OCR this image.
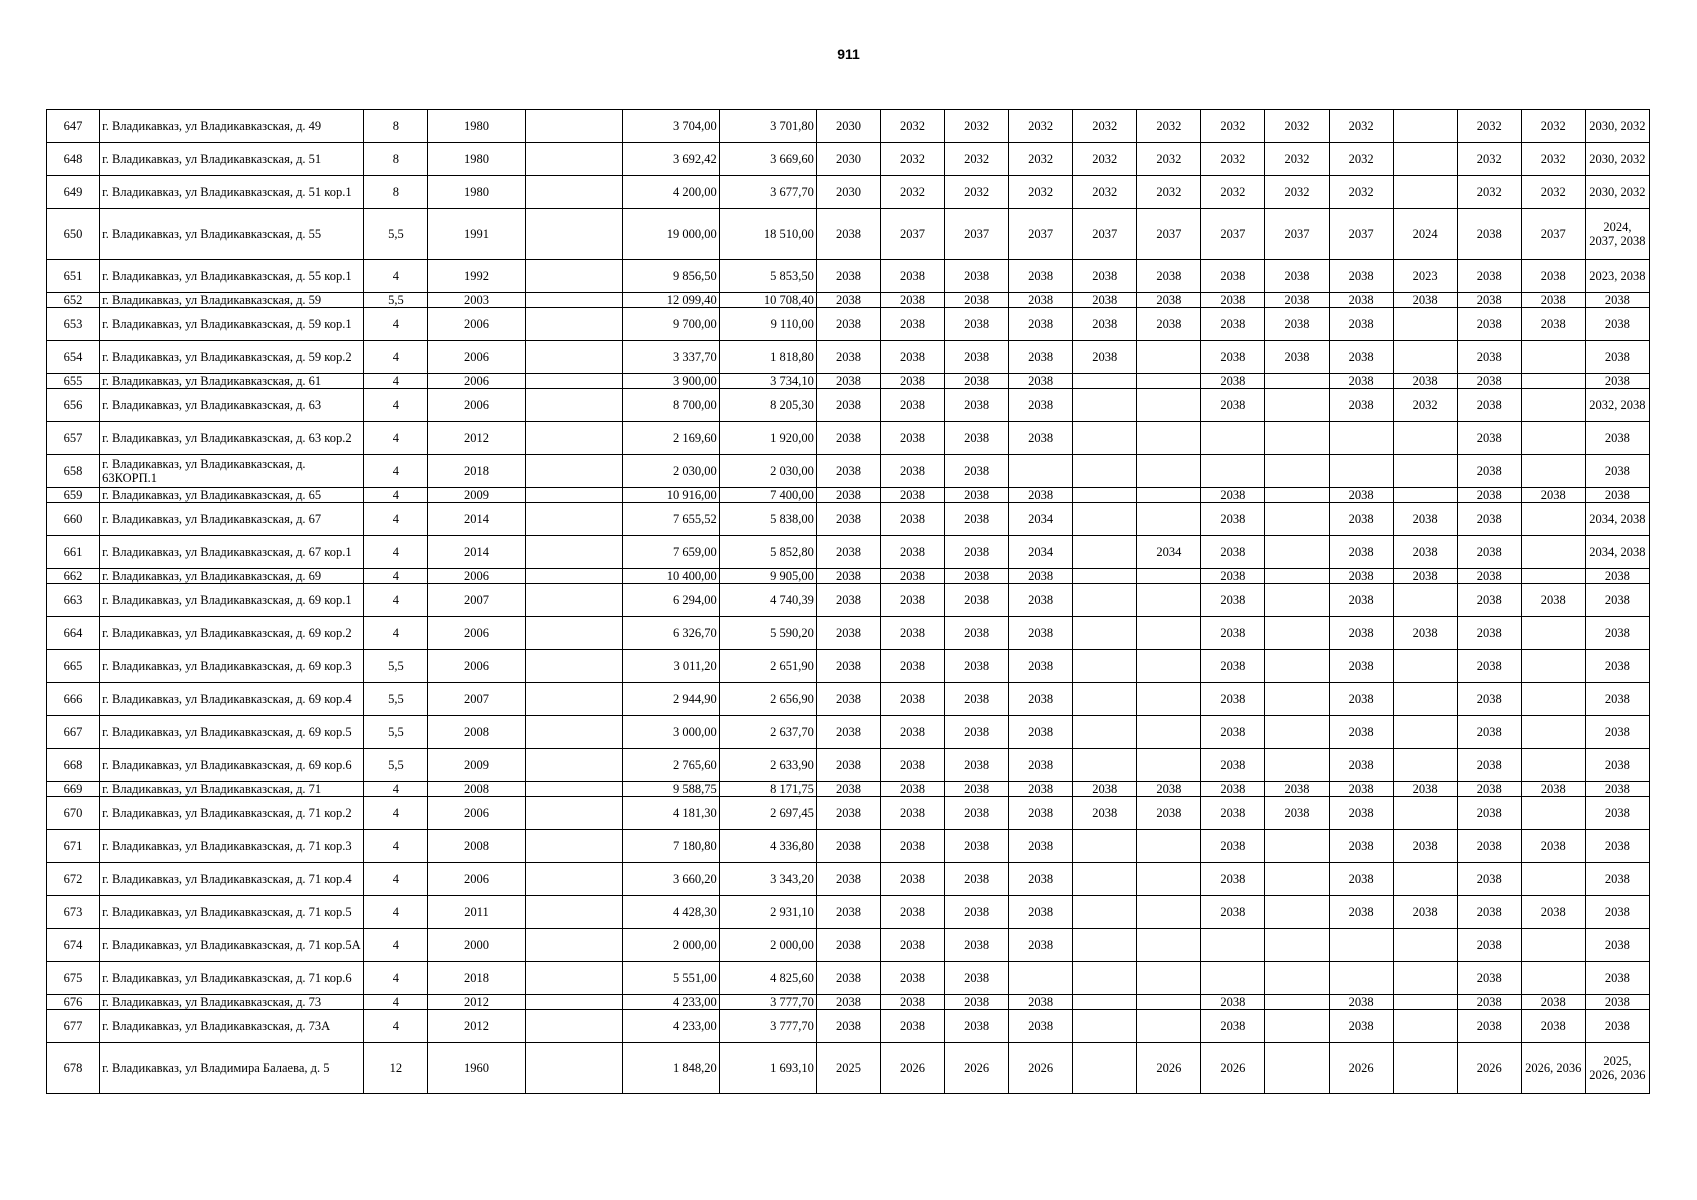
911
647	г. Владикавказ, ул Владикавказская, д. 49	8	1980		3 704,00	3 701,80	2030	2032	2032	2032	2032	2032	2032	2032	2032		2032	2032	2030, 2032
648	г. Владикавказ, ул Владикавказская, д. 51	8	1980		3 692,42	3 669,60	2030	2032	2032	2032	2032	2032	2032	2032	2032		2032	2032	2030, 2032
649	г. Владикавказ, ул Владикавказская, д. 51 кор.1	8	1980		4 200,00	3 677,70	2030	2032	2032	2032	2032	2032	2032	2032	2032		2032	2032	2030, 2032
650	г. Владикавказ, ул Владикавказская, д. 55	5,5	1991		19 000,00	18 510,00	2038	2037	2037	2037	2037	2037	2037	2037	2037	2024	2038	2037	2024, 2037, 2038
651	г. Владикавказ, ул Владикавказская, д. 55 кор.1	4	1992		9 856,50	5 853,50	2038	2038	2038	2038	2038	2038	2038	2038	2038	2023	2038	2038	2023, 2038
652	г. Владикавказ, ул Владикавказская, д. 59	5,5	2003		12 099,40	10 708,40	2038	2038	2038	2038	2038	2038	2038	2038	2038	2038	2038	2038	2038
653	г. Владикавказ, ул Владикавказская, д. 59 кор.1	4	2006		9 700,00	9 110,00	2038	2038	2038	2038	2038	2038	2038	2038	2038		2038	2038	2038
654	г. Владикавказ, ул Владикавказская, д. 59 кор.2	4	2006		3 337,70	1 818,80	2038	2038	2038	2038	2038		2038	2038	2038		2038		2038
655	г. Владикавказ, ул Владикавказская, д. 61	4	2006		3 900,00	3 734,10	2038	2038	2038	2038			2038		2038	2038	2038		2038
656	г. Владикавказ, ул Владикавказская, д. 63	4	2006		8 700,00	8 205,30	2038	2038	2038	2038			2038		2038	2032	2038		2032, 2038
657	г. Владикавказ, ул Владикавказская, д. 63 кор.2	4	2012		2 169,60	1 920,00	2038	2038	2038	2038							2038		2038
658	г. Владикавказ, ул Владикавказская, д. 63КОРП.1	4	2018		2 030,00	2 030,00	2038	2038	2038								2038		2038
659	г. Владикавказ, ул Владикавказская, д. 65	4	2009		10 916,00	7 400,00	2038	2038	2038	2038			2038		2038		2038	2038	2038
660	г. Владикавказ, ул Владикавказская, д. 67	4	2014		7 655,52	5 838,00	2038	2038	2038	2034			2038		2038	2038	2038		2034, 2038
661	г. Владикавказ, ул Владикавказская, д. 67 кор.1	4	2014		7 659,00	5 852,80	2038	2038	2038	2034		2034	2038		2038	2038	2038		2034, 2038
662	г. Владикавказ, ул Владикавказская, д. 69	4	2006		10 400,00	9 905,00	2038	2038	2038	2038			2038		2038	2038	2038		2038
663	г. Владикавказ, ул Владикавказская, д. 69 кор.1	4	2007		6 294,00	4 740,39	2038	2038	2038	2038			2038		2038		2038	2038	2038
664	г. Владикавказ, ул Владикавказская, д. 69 кор.2	4	2006		6 326,70	5 590,20	2038	2038	2038	2038			2038		2038	2038	2038		2038
665	г. Владикавказ, ул Владикавказская, д. 69 кор.3	5,5	2006		3 011,20	2 651,90	2038	2038	2038	2038			2038		2038		2038		2038
666	г. Владикавказ, ул Владикавказская, д. 69 кор.4	5,5	2007		2 944,90	2 656,90	2038	2038	2038	2038			2038		2038		2038		2038
667	г. Владикавказ, ул Владикавказская, д. 69 кор.5	5,5	2008		3 000,00	2 637,70	2038	2038	2038	2038			2038		2038		2038		2038
668	г. Владикавказ, ул Владикавказская, д. 69 кор.6	5,5	2009		2 765,60	2 633,90	2038	2038	2038	2038			2038		2038		2038		2038
669	г. Владикавказ, ул Владикавказская, д. 71	4	2008		9 588,75	8 171,75	2038	2038	2038	2038	2038	2038	2038	2038	2038	2038	2038	2038	2038
670	г. Владикавказ, ул Владикавказская, д. 71 кор.2	4	2006		4 181,30	2 697,45	2038	2038	2038	2038	2038	2038	2038	2038	2038		2038		2038
671	г. Владикавказ, ул Владикавказская, д. 71 кор.3	4	2008		7 180,80	4 336,80	2038	2038	2038	2038			2038		2038	2038	2038	2038	2038
672	г. Владикавказ, ул Владикавказская, д. 71 кор.4	4	2006		3 660,20	3 343,20	2038	2038	2038	2038			2038		2038		2038		2038
673	г. Владикавказ, ул Владикавказская, д. 71 кор.5	4	2011		4 428,30	2 931,10	2038	2038	2038	2038			2038		2038	2038	2038	2038	2038
674	г. Владикавказ, ул Владикавказская, д. 71 кор.5А	4	2000		2 000,00	2 000,00	2038	2038	2038	2038							2038		2038
675	г. Владикавказ, ул Владикавказская, д. 71 кор.6	4	2018		5 551,00	4 825,60	2038	2038	2038								2038		2038
676	г. Владикавказ, ул Владикавказская, д. 73	4	2012		4 233,00	3 777,70	2038	2038	2038	2038			2038		2038		2038	2038	2038
677	г. Владикавказ, ул Владикавказская, д. 73А	4	2012		4 233,00	3 777,70	2038	2038	2038	2038			2038		2038		2038	2038	2038
678	г. Владикавказ, ул Владимира Балаева, д. 5	12	1960		1 848,20	1 693,10	2025	2026	2026	2026		2026	2026		2026		2026	2026, 2036	2025, 2026, 2036
